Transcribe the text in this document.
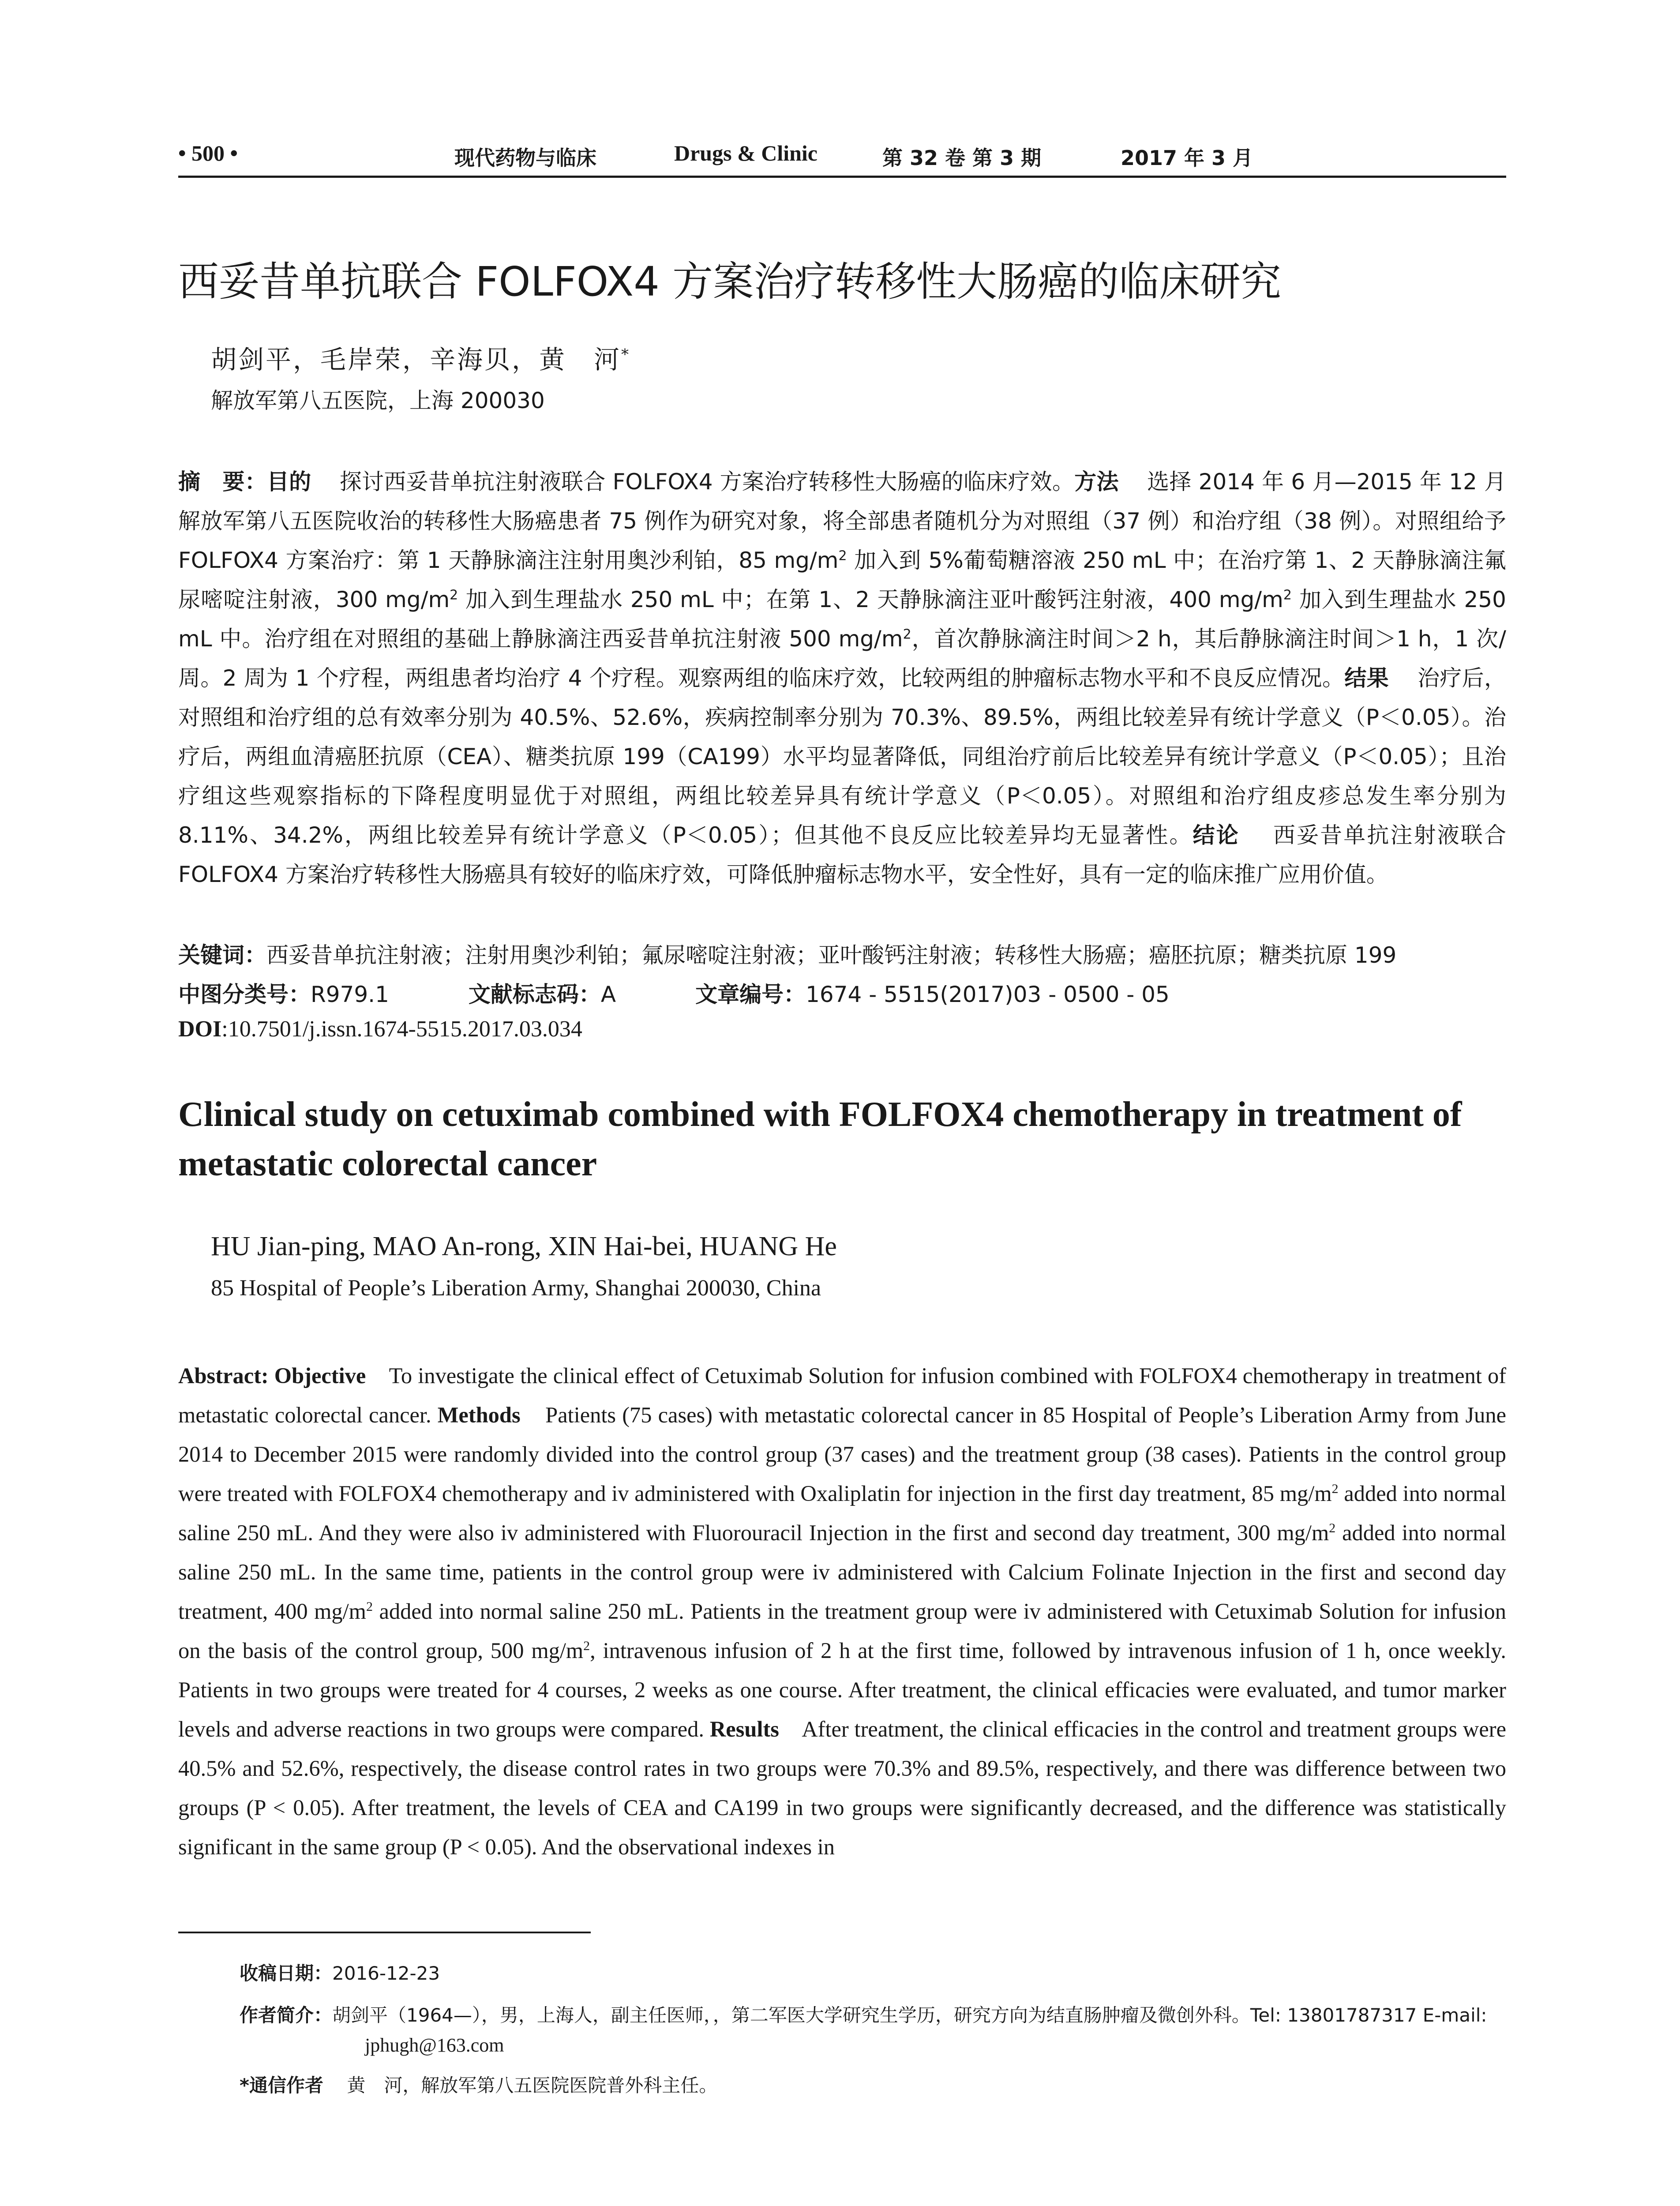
• 500 •	现代药物与临床	Drugs & Clinic	第 32 卷 第 3 期	2017 年 3 月
西妥昔单抗联合 FOLFOX4 方案治疗转移性大肠癌的临床研究
胡剑平，毛岸荣，辛海贝，黄　河*
解放军第八五医院，上海 200030
摘　要：目的 探讨西妥昔单抗注射液联合 FOLFOX4 方案治疗转移性大肠癌的临床疗效。方法 选择 2014 年 6 月—2015 年 12 月解放军第八五医院收治的转移性大肠癌患者 75 例作为研究对象，将全部患者随机分为对照组（37 例）和治疗组（38 例）。对照组给予 FOLFOX4 方案治疗：第 1 天静脉滴注注射用奥沙利铂，85 $mg/m^2$ 加入到 5%葡萄糖溶液 250 mL 中；在治疗第 1、2 天静脉滴注氟尿嘧啶注射液，300 $mg/m^2$ 加入到生理盐水 250 mL 中；在第 1、2 天静脉滴注亚叶酸钙注射液，400 $mg/m^2$ 加入到生理盐水 250 mL 中。治疗组在对照组的基础上静脉滴注西妥昔单抗注射液 500 $mg/m^2$，首次静脉滴注时间＞2 h，其后静脉滴注时间＞1 h，1 次/周。2 周为 1 个疗程，两组患者均治疗 4 个疗程。观察两组的临床疗效，比较两组的肿瘤标志物水平和不良反应情况。结果 治疗后，对照组和治疗组的总有效率分别为 40.5%、52.6%，疾病控制率分别为 70.3%、89.5%，两组比较差异有统计学意义（P＜0.05）。治疗后，两组血清癌胚抗原（CEA）、糖类抗原 199（CA199）水平均显著降低，同组治疗前后比较差异有统计学意义（P＜0.05）；且治疗组这些观察指标的下降程度明显优于对照组，两组比较差异具有统计学意义（P＜0.05）。对照组和治疗组皮疹总发生率分别为 8.11%、34.2%，两组比较差异有统计学意义（P＜0.05）；但其他不良反应比较差异均无显著性。结论 西妥昔单抗注射液联合 FOLFOX4 方案治疗转移性大肠癌具有较好的临床疗效，可降低肿瘤标志物水平，安全性好，具有一定的临床推广应用价值。
关键词：西妥昔单抗注射液；注射用奥沙利铂；氟尿嘧啶注射液；亚叶酸钙注射液；转移性大肠癌；癌胚抗原；糖类抗原 199
中图分类号：R979.1	文献标志码：A	文章编号：1674 - 5515(2017)03 - 0500 - 05
DOI:10.7501/j.issn.1674-5515.2017.03.034
Clinical study on cetuximab combined with FOLFOX4 chemotherapy in treatment of metastatic colorectal cancer
HU Jian-ping, MAO An-rong, XIN Hai-bei, HUANG He
85 Hospital of People’s Liberation Army, Shanghai 200030, China
Abstract: Objective To investigate the clinical effect of Cetuximab Solution for infusion combined with FOLFOX4 chemotherapy in treatment of metastatic colorectal cancer. Methods Patients (75 cases) with metastatic colorectal cancer in 85 Hospital of People’s Liberation Army from June 2014 to December 2015 were randomly divided into the control group (37 cases) and the treatment group (38 cases). Patients in the control group were treated with FOLFOX4 chemotherapy and iv administered with Oxaliplatin for injection in the first day treatment, 85 $mg/m^2$ added into normal saline 250 mL. And they were also iv administered with Fluorouracil Injection in the first and second day treatment, 300 $mg/m^2$ added into normal saline 250 mL. In the same time, patients in the control group were iv administered with Calcium Folinate Injection in the first and second day treatment, 400 $mg/m^2$ added into normal saline 250 mL. Patients in the treatment group were iv administered with Cetuximab Solution for infusion on the basis of the control group, 500 $mg/m^2$, intravenous infusion of 2 h at the first time, followed by intravenous infusion of 1 h, once weekly. Patients in two groups were treated for 4 courses, 2 weeks as one course. After treatment, the clinical efficacies were evaluated, and tumor marker levels and adverse reactions in two groups were compared. Results After treatment, the clinical efficacies in the control and treatment groups were 40.5% and 52.6%, respectively, the disease control rates in two groups were 70.3% and 89.5%, respectively, and there was difference between two groups (P < 0.05). After treatment, the levels of CEA and CA199 in two groups were significantly decreased, and the difference was statistically significant in the same group (P < 0.05). And the observational indexes in
收稿日期：2016-12-23
作者简介：胡剑平（1964—），男，上海人，副主任医师，，第二军医大学研究生学历，研究方向为结直肠肿瘤及微创外科。Tel: 13801787317 E-mail:
jphugh@163.com
*通信作者 黄　河，解放军第八五医院医院普外科主任。
